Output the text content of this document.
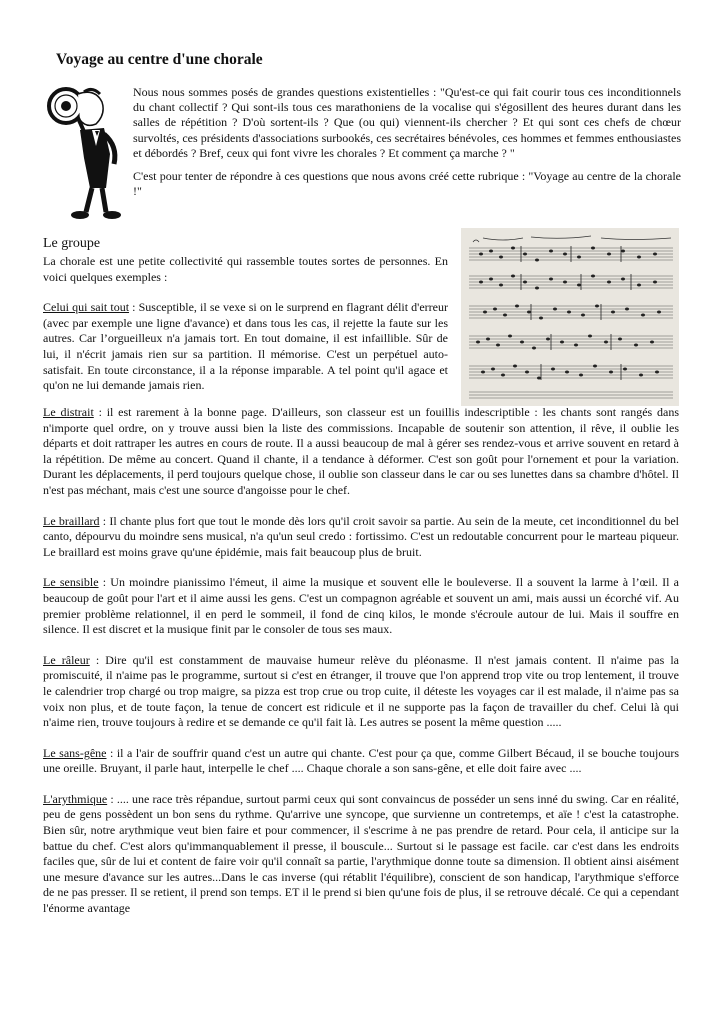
Voyage au centre d'une chorale

Nous nous sommes posés de grandes questions existentielles : "Qu'est-ce qui fait courir tous ces inconditionnels du chant collectif ? Qui sont-ils tous ces marathoniens de la vocalise qui s'égosillent des heures durant dans les salles de répétition ? D'où sortent-ils ? Que (ou qui) viennent-ils chercher ? Et qui sont ces chefs de chœur survoltés, ces présidents d'associations surbookés, ces secrétaires bénévoles, ces hommes et femmes enthousiastes et débordés ? Bref, ceux qui font vivre les chorales ? Et comment ça marche ? "

C'est pour tenter de répondre à ces questions que nous avons créé cette rubrique : "Voyage au centre de la chorale !"

Le groupe

La chorale est une petite collectivité qui rassemble toutes sortes de personnes. En voici quelques exemples :

Celui qui sait tout : Susceptible, il se vexe si on le surprend en flagrant délit d'erreur (avec par exemple une ligne d'avance) et dans tous les cas, il rejette la faute sur les autres. Car l’orgueilleux n'a jamais tort. En tout domaine, il est infaillible. Sûr de lui, il n'écrit jamais rien sur sa partition. Il mémorise. C'est un perpétuel auto-satisfait. En toute circonstance, il a la réponse imparable. A tel point qu'il agace et qu'on ne lui demande jamais rien.

Le distrait : il est rarement à la bonne page. D'ailleurs, son classeur est un fouillis indescriptible : les chants sont rangés dans n'importe quel ordre, on y trouve aussi bien la liste des commissions. Incapable de soutenir son attention, il rêve, il oublie les départs et doit rattraper les autres en cours de route. Il a aussi beaucoup de mal à gérer ses rendez-vous et arrive souvent en retard à la répétition. De même au concert. Quand il chante, il a tendance à déformer. C'est son goût pour l'ornement et pour la variation. Durant les déplacements, il perd toujours quelque chose, il oublie son classeur dans le car ou ses lunettes dans sa chambre d'hôtel. Il n'est pas méchant, mais c'est une source d'angoisse pour le chef.

Le braillard : Il chante plus fort que tout le monde dès lors qu'il croit savoir sa partie. Au sein de la meute, cet inconditionnel du bel canto, dépourvu du moindre sens musical, n'a qu'un seul credo : fortissimo. C'est un redoutable concurrent pour le marteau piqueur. Le braillard est moins grave qu'une épidémie, mais fait beaucoup plus de bruit.

Le sensible : Un moindre pianissimo l'émeut, il aime la musique et souvent elle le bouleverse. Il a souvent la larme à l’œil. Il a beaucoup de goût pour l'art et il aime aussi les gens. C'est un compagnon agréable et souvent un ami, mais aussi un écorché vif. Au premier problème relationnel, il en perd le sommeil, il fond de cinq kilos, le monde s'écroule autour de lui. Mais il souffre en silence. Il est discret et la musique finit par le consoler de tous ses maux.

Le râleur : Dire qu'il est constamment de mauvaise humeur relève du pléonasme. Il n'est jamais content. Il n'aime pas la promiscuité, il n'aime pas le programme, surtout si c'est en étranger, il trouve que l'on apprend trop vite ou trop lentement, il trouve le calendrier trop chargé ou trop maigre, sa pizza est trop crue ou trop cuite, il déteste les voyages car il est malade, il n'aime pas sa voix non plus, et de toute façon, la tenue de concert est ridicule et il ne supporte pas la façon de travailler du chef. Celui là qui n'aime rien, trouve toujours à redire et se demande ce qu'il fait là. Les autres se posent la même question .....

Le sans-gêne : il a l'air de souffrir quand c'est un autre qui chante. C'est pour ça que, comme Gilbert Bécaud, il se bouche toujours une oreille. Bruyant, il parle haut, interpelle le chef .... Chaque chorale a son sans-gêne, et elle doit faire avec ....

L'arythmique : .... une race très répandue, surtout parmi ceux qui sont convaincus de posséder un sens inné du swing. Car en réalité, peu de gens possèdent un bon sens du rythme. Qu'arrive une syncope, que survienne un contretemps, et aïe ! c'est la catastrophe. Bien sûr, notre arythmique veut bien faire et pour commencer, il s'escrime à ne pas prendre de retard. Pour cela, il anticipe sur la battue du chef. C'est alors qu'immanquablement il presse, il bouscule... Surtout si le passage est facile. car c'est dans les endroits faciles que, sûr de lui et content de faire voir qu'il connaît sa partie, l'arythmique donne toute sa dimension. Il obtient ainsi aisément une mesure d'avance sur les autres...Dans le cas inverse (qui rétablit l'équilibre), conscient de son handicap, l'arythmique s'efforce de ne pas presser. Il se retient, il prend son temps. ET il le prend si bien qu'une fois de plus, il se retrouve décalé. Ce qui a cependant l'énorme avantage
